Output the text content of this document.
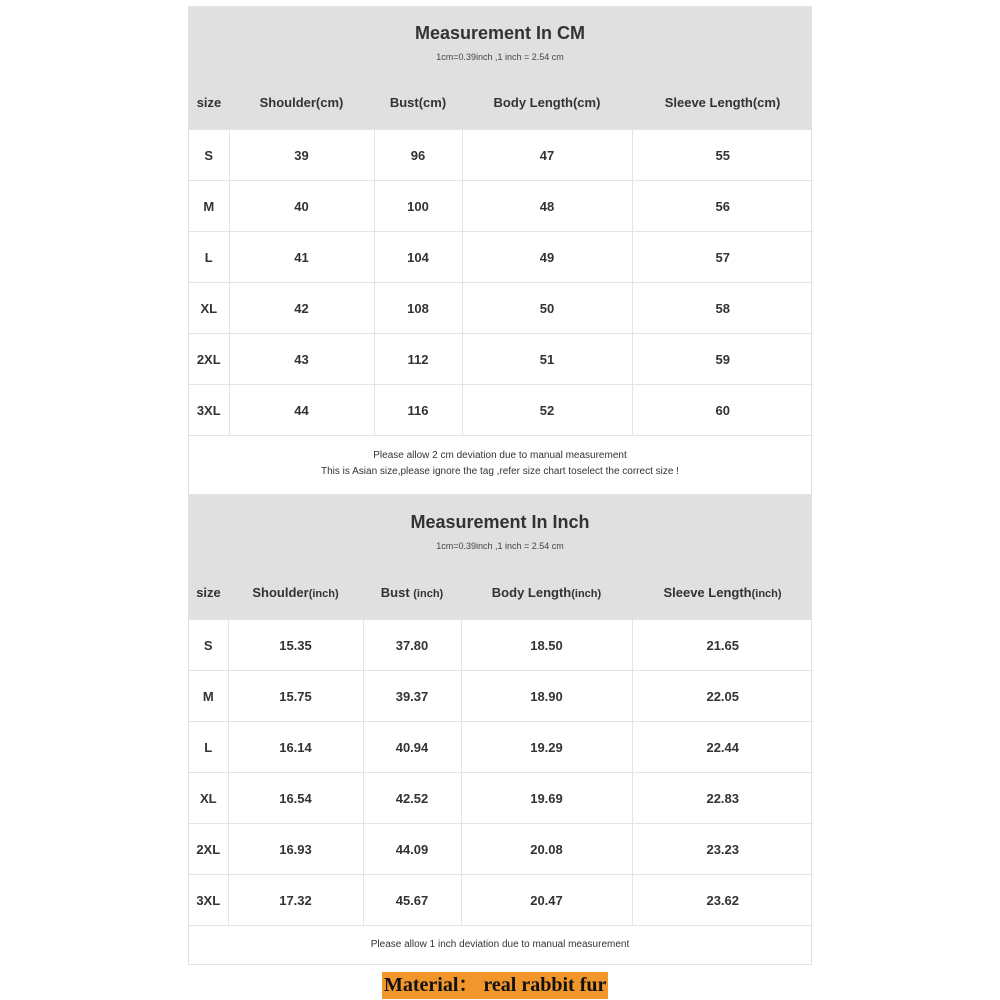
Measurement In CM
1cm=0.39inch ,1 inch = 2.54 cm
size	Shoulder(cm)	Bust(cm)	Body Length(cm)	Sleeve Length(cm)
S	39	96	47	55
M	40	100	48	56
L	41	104	49	57
XL	42	108	50	58
2XL	43	112	51	59
3XL	44	116	52	60
Please allow 2 cm deviation due to manual measurement
This is Asian size,please ignore the tag ,refer size chart toselect the correct size !
Measurement In Inch
1cm=0.39inch ,1 inch = 2.54 cm
size	Shoulder(inch)	Bust (inch)	Body Length(inch)	Sleeve Length(inch)
S	15.35	37.80	18.50	21.65
M	15.75	39.37	18.90	22.05
L	16.14	40.94	19.29	22.44
XL	16.54	42.52	19.69	22.83
2XL	16.93	44.09	20.08	23.23
3XL	17.32	45.67	20.47	23.62
Please allow 1 inch deviation due to manual measurement
Material： real rabbit fur
